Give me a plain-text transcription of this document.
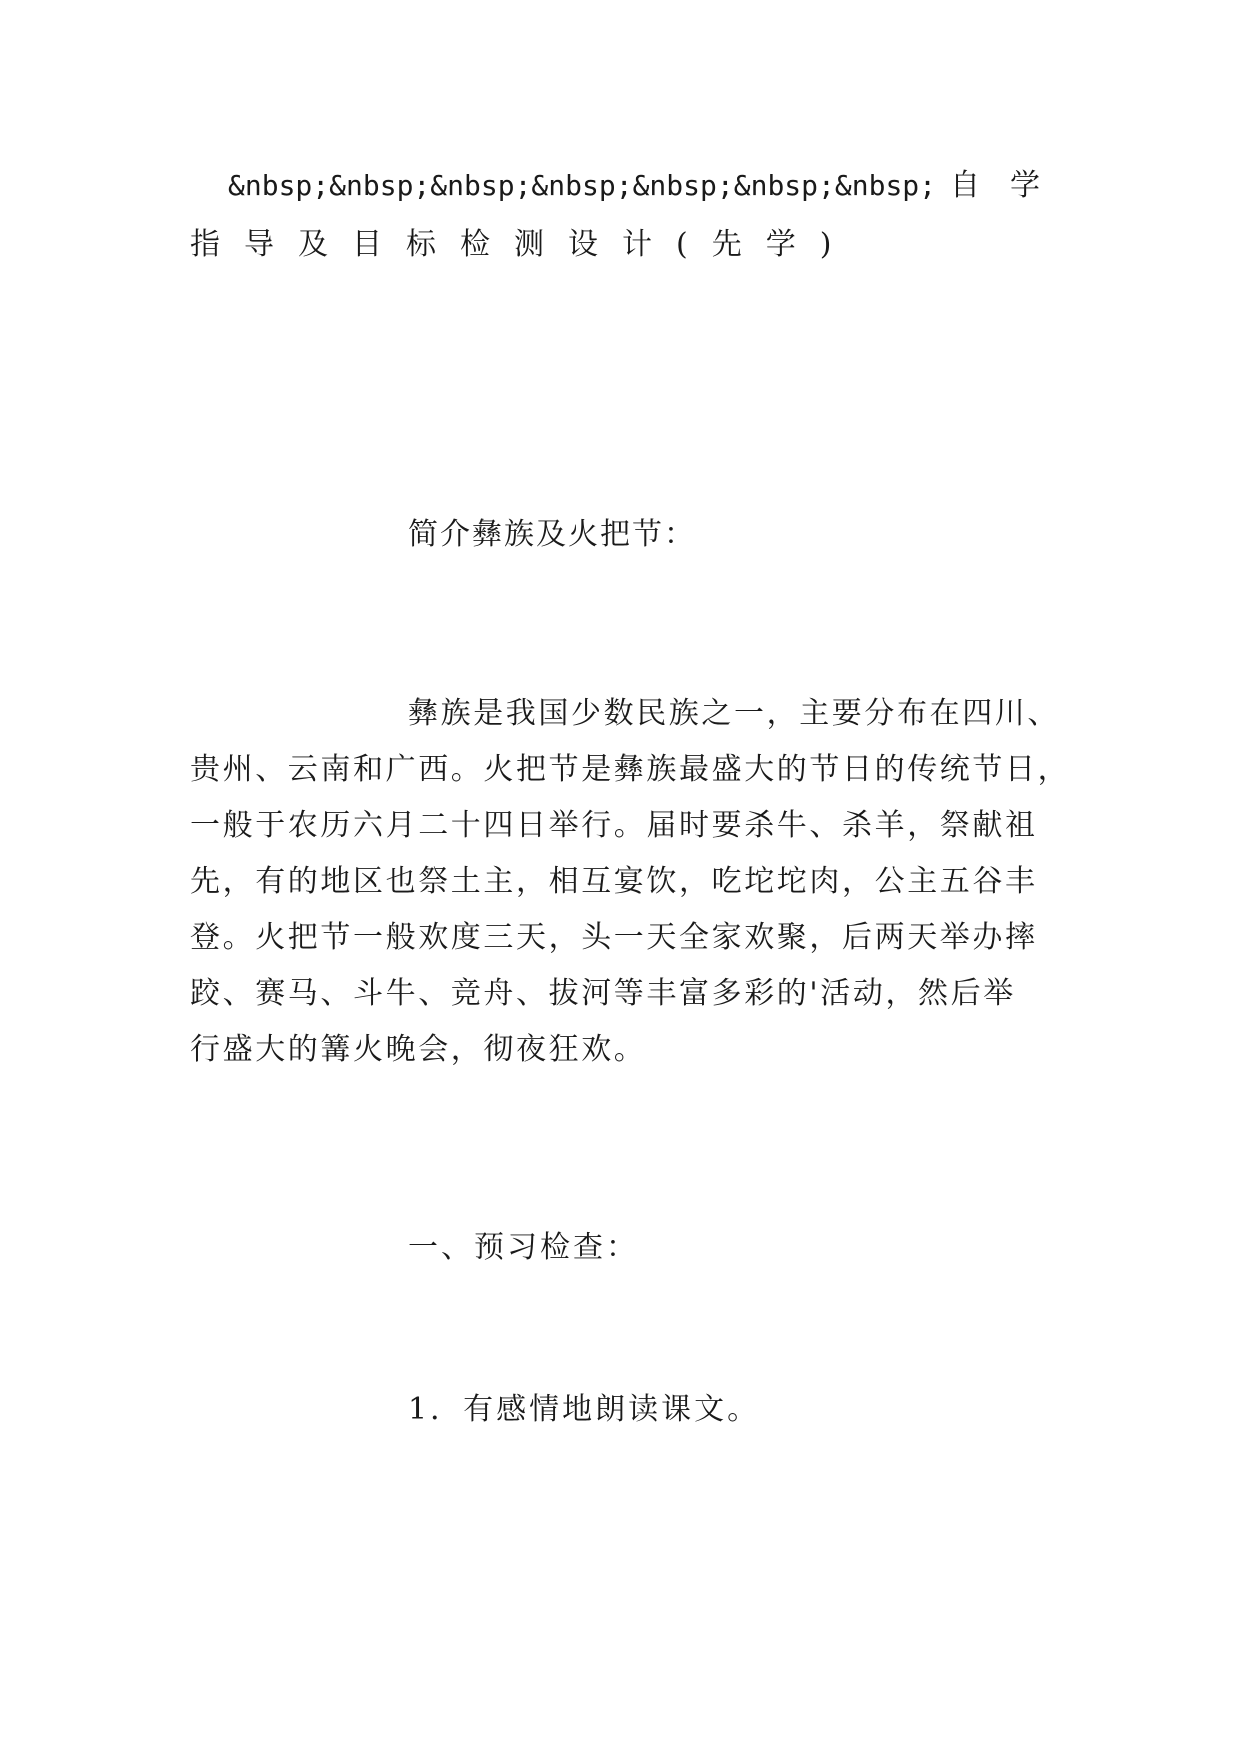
&nbsp;&nbsp;&nbsp;&nbsp;&nbsp;&nbsp;&nbsp; 自学
指导及目标检测设计(先学)
简介彝族及火把节：
彝族是我国少数民族之一，主要分布在四川、
贵州、云南和广西。火把节是彝族最盛大的节日的传统节日，
一般于农历六月二十四日举行。届时要杀牛、杀羊，祭献祖
先，有的地区也祭土主，相互宴饮，吃坨坨肉，公主五谷丰
登。火把节一般欢度三天，头一天全家欢聚，后两天举办摔
跤、赛马、斗牛、竞舟、拔河等丰富多彩的'活动，然后举
行盛大的篝火晚会，彻夜狂欢。
一、预习检查：
1．有感情地朗读课文。
